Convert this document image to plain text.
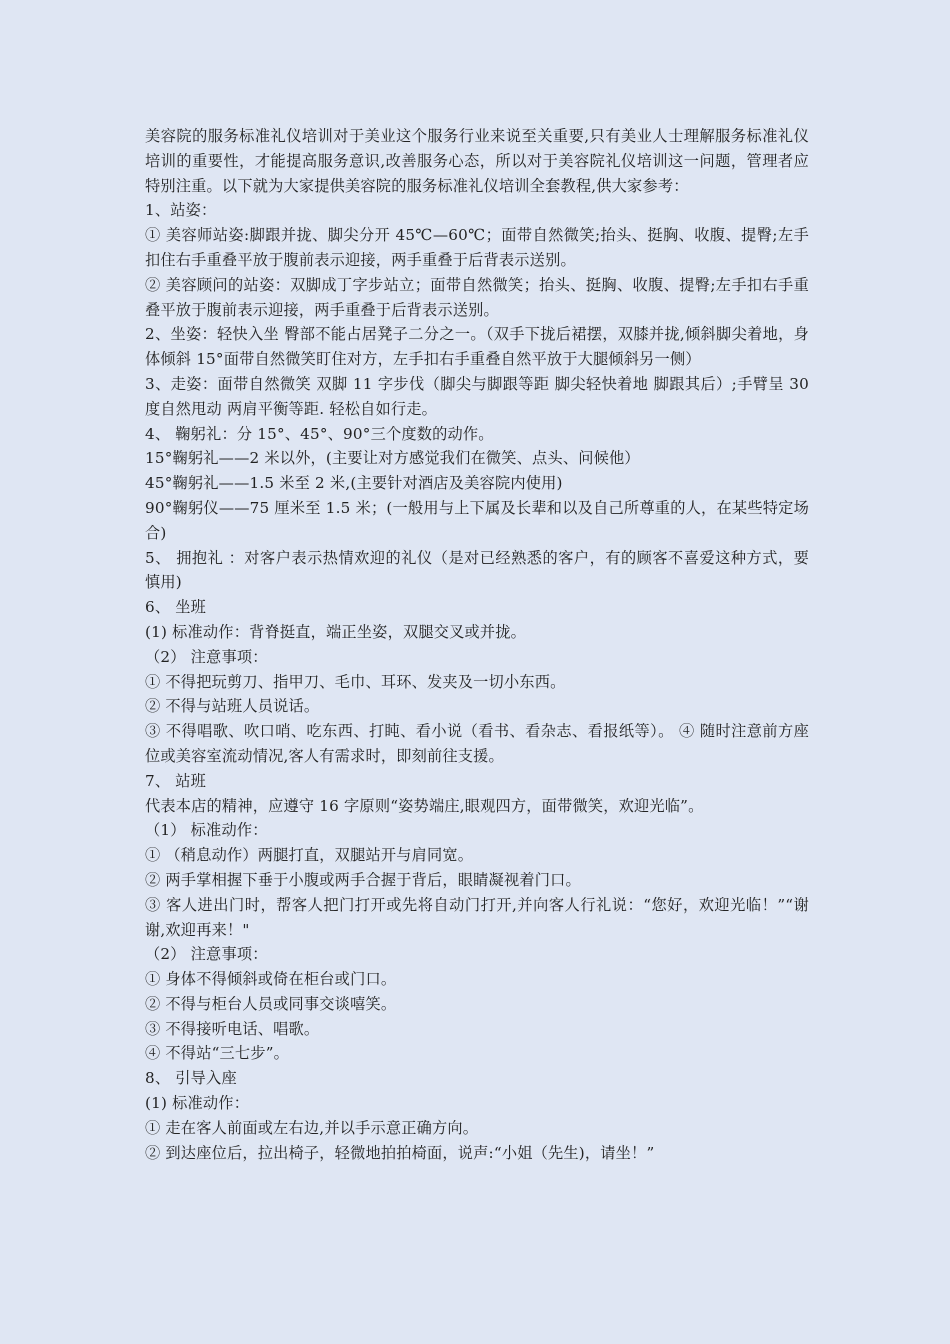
美容院的服务标准礼仪培训对于美业这个服务行业来说至关重要,只有美业人士理解服务标准礼仪培训的重要性，才能提高服务意识,改善服务心态，所以对于美容院礼仪培训这一问题，管理者应特别注重。以下就为大家提供美容院的服务标准礼仪培训全套教程,供大家参考：

1、站姿：

① 美容师站姿:脚跟并拢、脚尖分开 45℃—60℃；面带自然微笑;抬头、挺胸、收腹、提臀;左手扣住右手重叠平放于腹前表示迎接，两手重叠于后背表示送别。

② 美容顾问的站姿：双脚成丁字步站立；面带自然微笑；抬头、挺胸、收腹、提臀;左手扣右手重叠平放于腹前表示迎接，两手重叠于后背表示送别。

2、坐姿：轻快入坐 臀部不能占居凳子二分之一。（双手下拢后裙摆，双膝并拢,倾斜脚尖着地，身体倾斜 15°面带自然微笑盯住对方，左手扣右手重叠自然平放于大腿倾斜另一侧）

3、走姿：面带自然微笑 双脚 11 字步伐（脚尖与脚跟等距 脚尖轻快着地 脚跟其后）;手臂呈 30 度自然甩动 两肩平衡等距. 轻松自如行走。

4、 鞠躬礼：分 15°、45°、90°三个度数的动作。

15°鞠躬礼——2 米以外，(主要让对方感觉我们在微笑、点头、问候他）

45°鞠躬礼——1.5 米至 2 米,(主要针对酒店及美容院内使用)

90°鞠躬仪——75 厘米至 1.5 米；(一般用与上下属及长辈和以及自己所尊重的人，在某些特定场合)

5、 拥抱礼 ：对客户表示热情欢迎的礼仪（是对已经熟悉的客户，有的顾客不喜爱这种方式，要慎用)

6、 坐班

(1) 标准动作：背脊挺直，端正坐姿，双腿交叉或并拢。

（2） 注意事项：

① 不得把玩剪刀、指甲刀、毛巾、耳环、发夹及一切小东西。

② 不得与站班人员说话。

③ 不得唱歌、吹口哨、吃东西、打盹、看小说（看书、看杂志、看报纸等）。 ④ 随时注意前方座位或美容室流动情况,客人有需求时，即刻前往支援。

7、 站班

代表本店的精神，应遵守 16 字原则“姿势端庄,眼观四方，面带微笑，欢迎光临”。

（1） 标准动作：

① （稍息动作）两腿打直，双腿站开与肩同宽。

② 两手掌相握下垂于小腹或两手合握于背后，眼睛凝视着门口。

③ 客人进出门时，帮客人把门打开或先将自动门打开,并向客人行礼说：“您好，欢迎光临！”“谢谢,欢迎再来！"

（2） 注意事项：

① 身体不得倾斜或倚在柜台或门口。

② 不得与柜台人员或同事交谈嘻笑。

③ 不得接听电话、唱歌。

④ 不得站“三七步”。

8、 引导入座

(1) 标准动作：

① 走在客人前面或左右边,并以手示意正确方向。

② 到达座位后，拉出椅子，轻微地拍拍椅面，说声:“小姐（先生)，请坐！”
